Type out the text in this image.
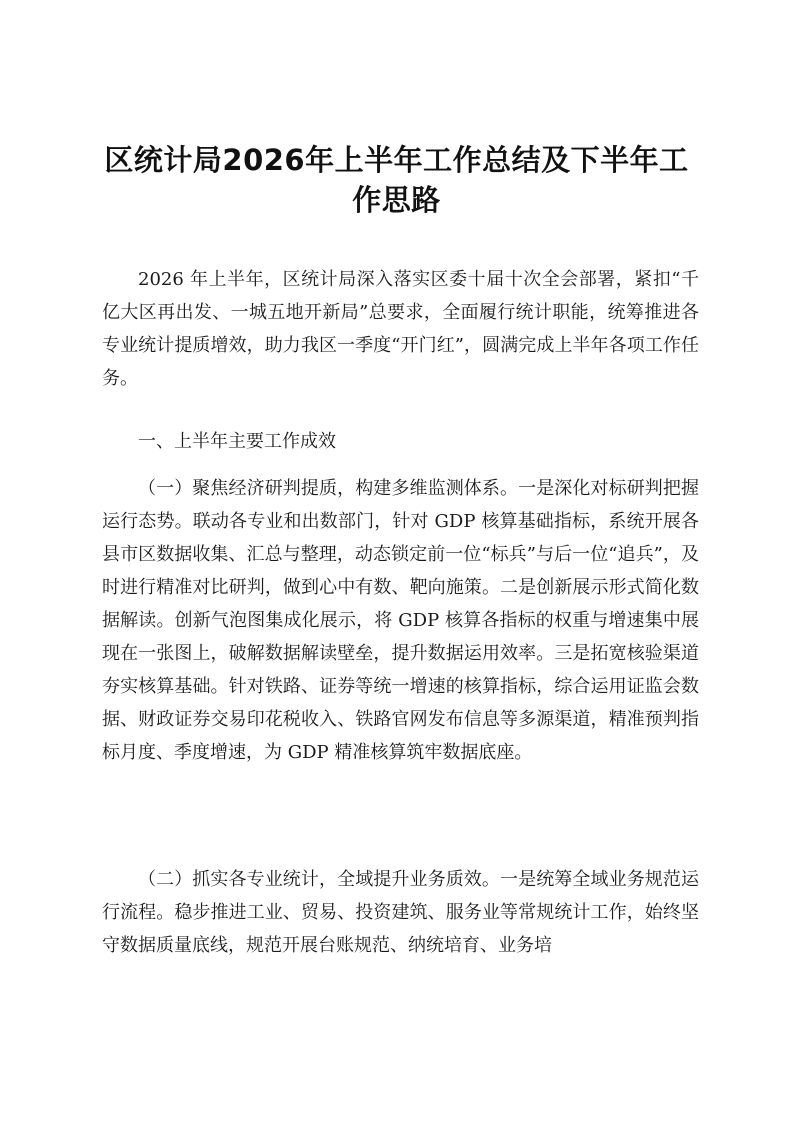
区统计局2026年上半年工作总结及下半年工作思路

2026 年上半年，区统计局深入落实区委十届十次全会部署，紧扣“千亿大区再出发、一城五地开新局”总要求，全面履行统计职能，统筹推进各专业统计提质增效，助力我区一季度“开门红”，圆满完成上半年各项工作任务。

一、上半年主要工作成效

（一）聚焦经济研判提质，构建多维监测体系。一是深化对标研判把握运行态势。联动各专业和出数部门，针对 GDP 核算基础指标，系统开展各县市区数据收集、汇总与整理，动态锁定前一位“标兵”与后一位“追兵”，及时进行精准对比研判，做到心中有数、靶向施策。二是创新展示形式简化数据解读。创新气泡图集成化展示，将 GDP 核算各指标的权重与增速集中展现在一张图上，破解数据解读壁垒，提升数据运用效率。三是拓宽核验渠道夯实核算基础。针对铁路、证券等统一增速的核算指标，综合运用证监会数据、财政证券交易印花税收入、铁路官网发布信息等多源渠道，精准预判指标月度、季度增速，为 GDP 精准核算筑牢数据底座。

（二）抓实各专业统计，全域提升业务质效。一是统筹全域业务规范运行流程。稳步推进工业、贸易、投资建筑、服务业等常规统计工作，始终坚守数据质量底线，规范开展台账规范、纳统培育、业务培
